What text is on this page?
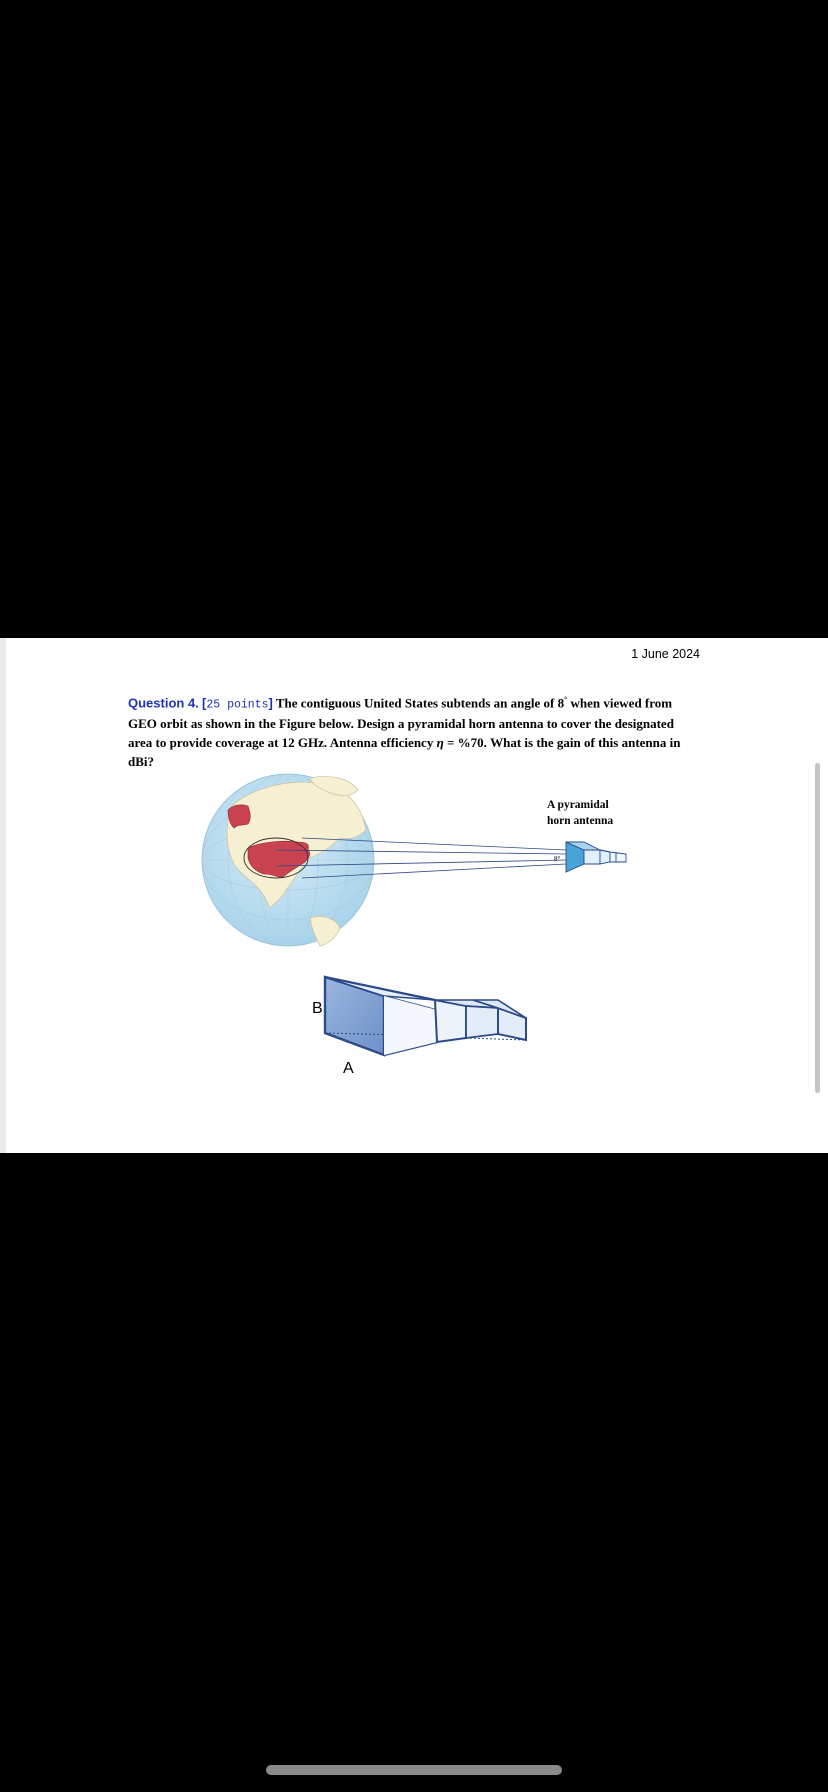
1 June 2024
Question 4. [25 points] The contiguous United States subtends an angle of 8° when viewed from GEO orbit as shown in the Figure below. Design a pyramidal horn antenna to cover the designated area to provide coverage at 12 GHz. Antenna efficiency η = %70. What is the gain of this antenna in dBi?
8°
A pyramidal
horn antenna
B
A
